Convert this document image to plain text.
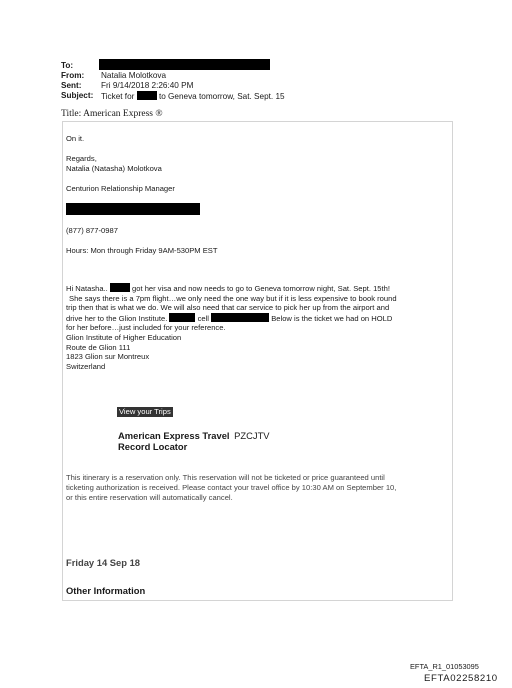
To:
From: Natalia Molotkova
Sent: Fri 9/14/2018 2:26:40 PM
Subject: Ticket for	to Geneva tomorrow, Sat. Sept. 15
Title: American Express ®
On it.
Regards,
Natalia (Natasha) Molotkova
Centurion Relationship Manager
(877) 877-0987
Hours: Mon through Friday 9AM-530PM EST
Hi Natasha..	got her visa and now needs to go to Geneva tomorrow night, Sat. Sept. 15th!
She says there is a 7pm flight…we only need the one way but if it is less expensive to book round
trip then that is what we do. We will also need that car service to pick her up from the airport and
drive her to the Glion Institute.	cell	Below is the ticket we had on HOLD
for her before…just included for your reference.
Glion Institute of Higher Education
Route de Glion 111
1823 Glion sur Montreux
Switzerland
View your Trips
American Express Travel PZCJTV
Record Locator
This itinerary is a reservation only. This reservation will not be ticketed or price guaranteed until
ticketing authorization is received. Please contact your travel office by 10:30 AM on September 10,
or this entire reservation will automatically cancel.
Friday 14 Sep 18
Other Information
EFTA_R1_01053095
EFTA02258210
